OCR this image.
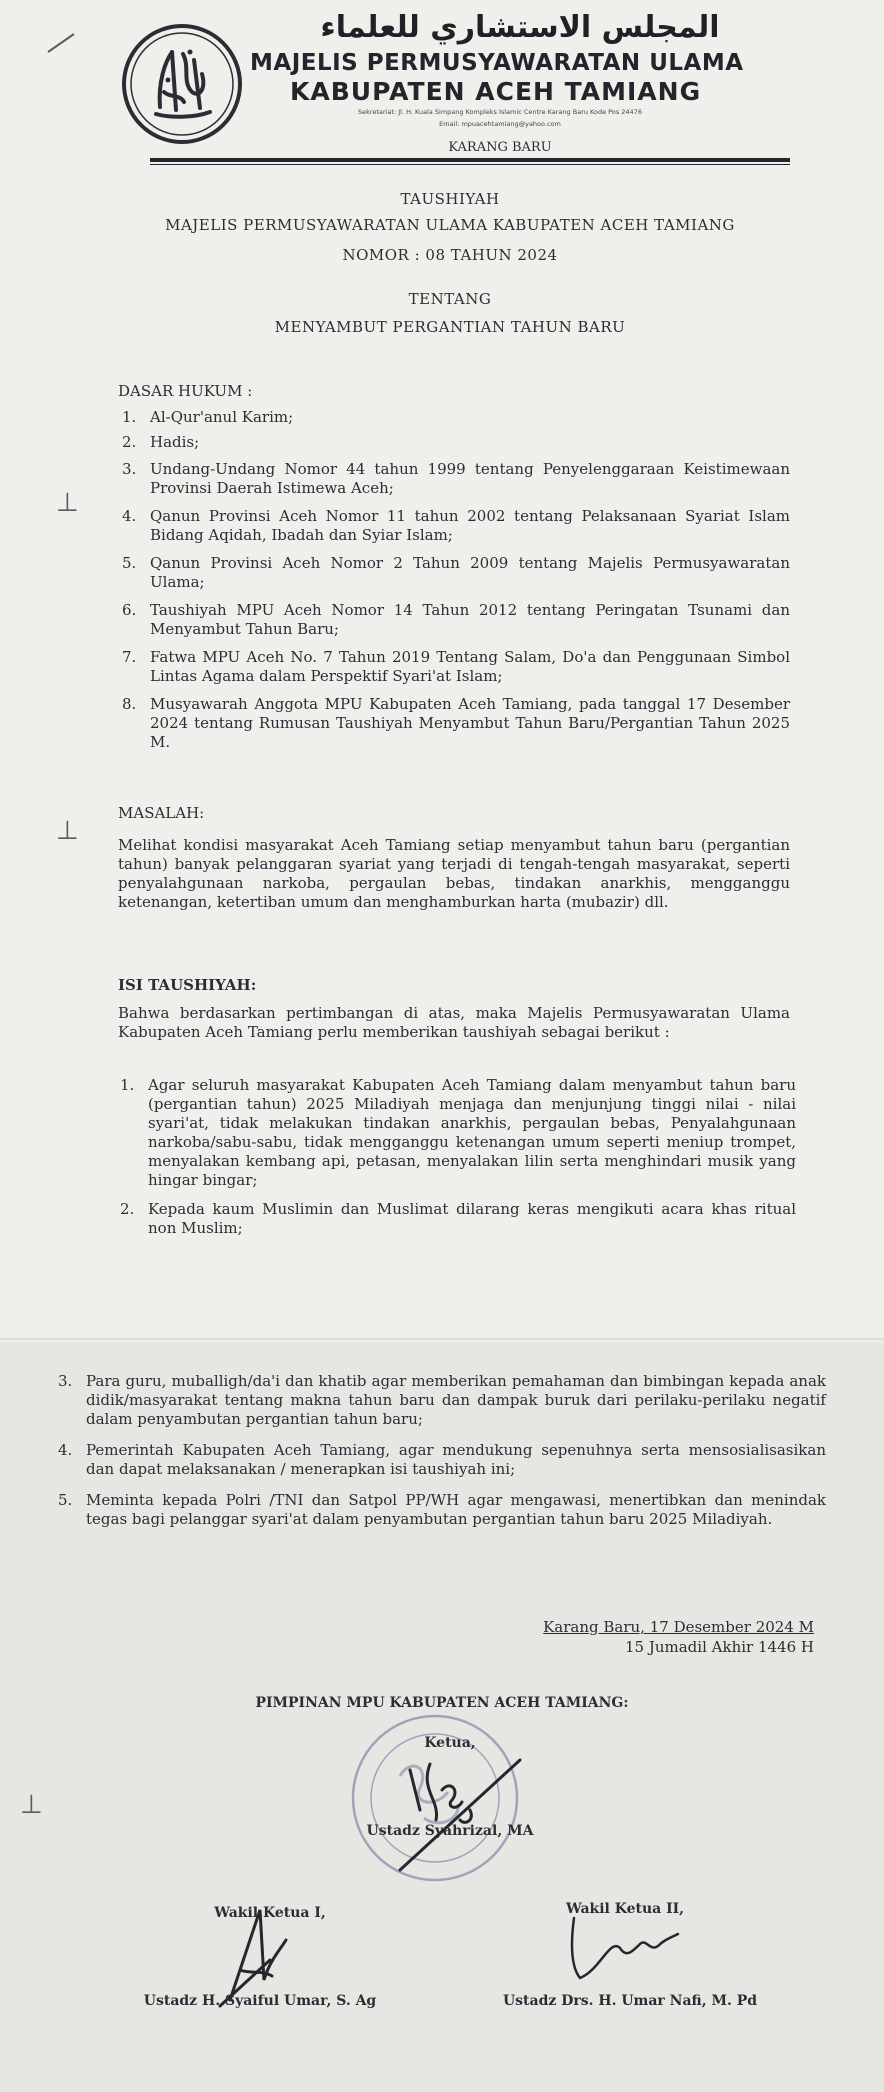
المجلس الاستشاري للعلماء
MAJELIS PERMUSYAWARATAN ULAMA
KABUPATEN ACEH TAMIANG
Sekretariat: Jl. H. Kuala Simpang Kompleks Islamic Centre Karang Baru Kode Pos 24476
Email: mpuacehtamiang@yahoo.com
KARANG BARU
TAUSHIYAH
MAJELIS PERMUSYAWARATAN ULAMA KABUPATEN ACEH TAMIANG
NOMOR : 08 TAHUN 2024
TENTANG
MENYAMBUT PERGANTIAN TAHUN BARU
DASAR HUKUM :
1. Al-Qur'anul Karim;
2. Hadis;
3. Undang-Undang Nomor 44 tahun 1999 tentang Penyelenggaraan Keistimewaan Provinsi Daerah Istimewa Aceh;
4. Qanun Provinsi Aceh Nomor 11 tahun 2002 tentang Pelaksanaan Syariat Islam Bidang Aqidah, Ibadah dan Syiar Islam;
5. Qanun Provinsi Aceh Nomor 2 Tahun 2009 tentang Majelis Permusyawaratan Ulama;
6. Taushiyah MPU Aceh Nomor 14 Tahun 2012 tentang Peringatan Tsunami dan Menyambut Tahun Baru;
7. Fatwa MPU Aceh No. 7 Tahun 2019 Tentang Salam, Do'a dan Penggunaan Simbol Lintas Agama dalam Perspektif Syari'at Islam;
8. Musyawarah Anggota MPU Kabupaten Aceh Tamiang, pada tanggal 17 Desember 2024 tentang Rumusan Taushiyah Menyambut Tahun Baru/Pergantian Tahun 2025 M.
MASALAH:
Melihat kondisi masyarakat Aceh Tamiang setiap menyambut tahun baru (pergantian tahun) banyak pelanggaran syariat yang terjadi di tengah-tengah masyarakat, seperti penyalahgunaan narkoba, pergaulan bebas, tindakan anarkhis, mengganggu ketenangan, ketertiban umum dan menghamburkan harta (mubazir) dll.
ISI TAUSHIYAH:
Bahwa berdasarkan pertimbangan di atas, maka Majelis Permusyawaratan Ulama Kabupaten Aceh Tamiang perlu memberikan taushiyah sebagai berikut :
1. Agar seluruh masyarakat Kabupaten Aceh Tamiang dalam menyambut tahun baru (pergantian tahun) 2025 Miladiyah menjaga dan menjunjung tinggi nilai - nilai syari'at, tidak melakukan tindakan anarkhis, pergaulan bebas, Penyalahgunaan narkoba/sabu-sabu, tidak mengganggu ketenangan umum seperti meniup trompet, menyalakan kembang api, petasan, menyalakan lilin serta menghindari musik yang hingar bingar;
2. Kepada kaum Muslimin dan Muslimat dilarang keras mengikuti acara khas ritual non Muslim;
3. Para guru, muballigh/da'i dan khatib agar memberikan pemahaman dan bimbingan kepada anak didik/masyarakat tentang makna tahun baru dan dampak buruk dari perilaku-perilaku negatif dalam penyambutan pergantian tahun baru;
4. Pemerintah Kabupaten Aceh Tamiang, agar mendukung sepenuhnya serta mensosialisasikan dan dapat melaksanakan / menerapkan isi taushiyah ini;
5. Meminta kepada Polri /TNI dan Satpol PP/WH agar mengawasi, menertibkan dan menindak tegas bagi pelanggar syari'at dalam penyambutan pergantian tahun baru 2025 Miladiyah.
Karang Baru, 17 Desember 2024 M
15 Jumadil Akhir 1446 H
PIMPINAN MPU KABUPATEN ACEH TAMIANG:
Ketua,
Ustadz Syahrizal, MA
Wakil Ketua I,
Ustadz H. Syaiful Umar, S. Ag
Wakil Ketua II,
Ustadz Drs. H. Umar Nafi, M. Pd
⊥
⊥
⊥
